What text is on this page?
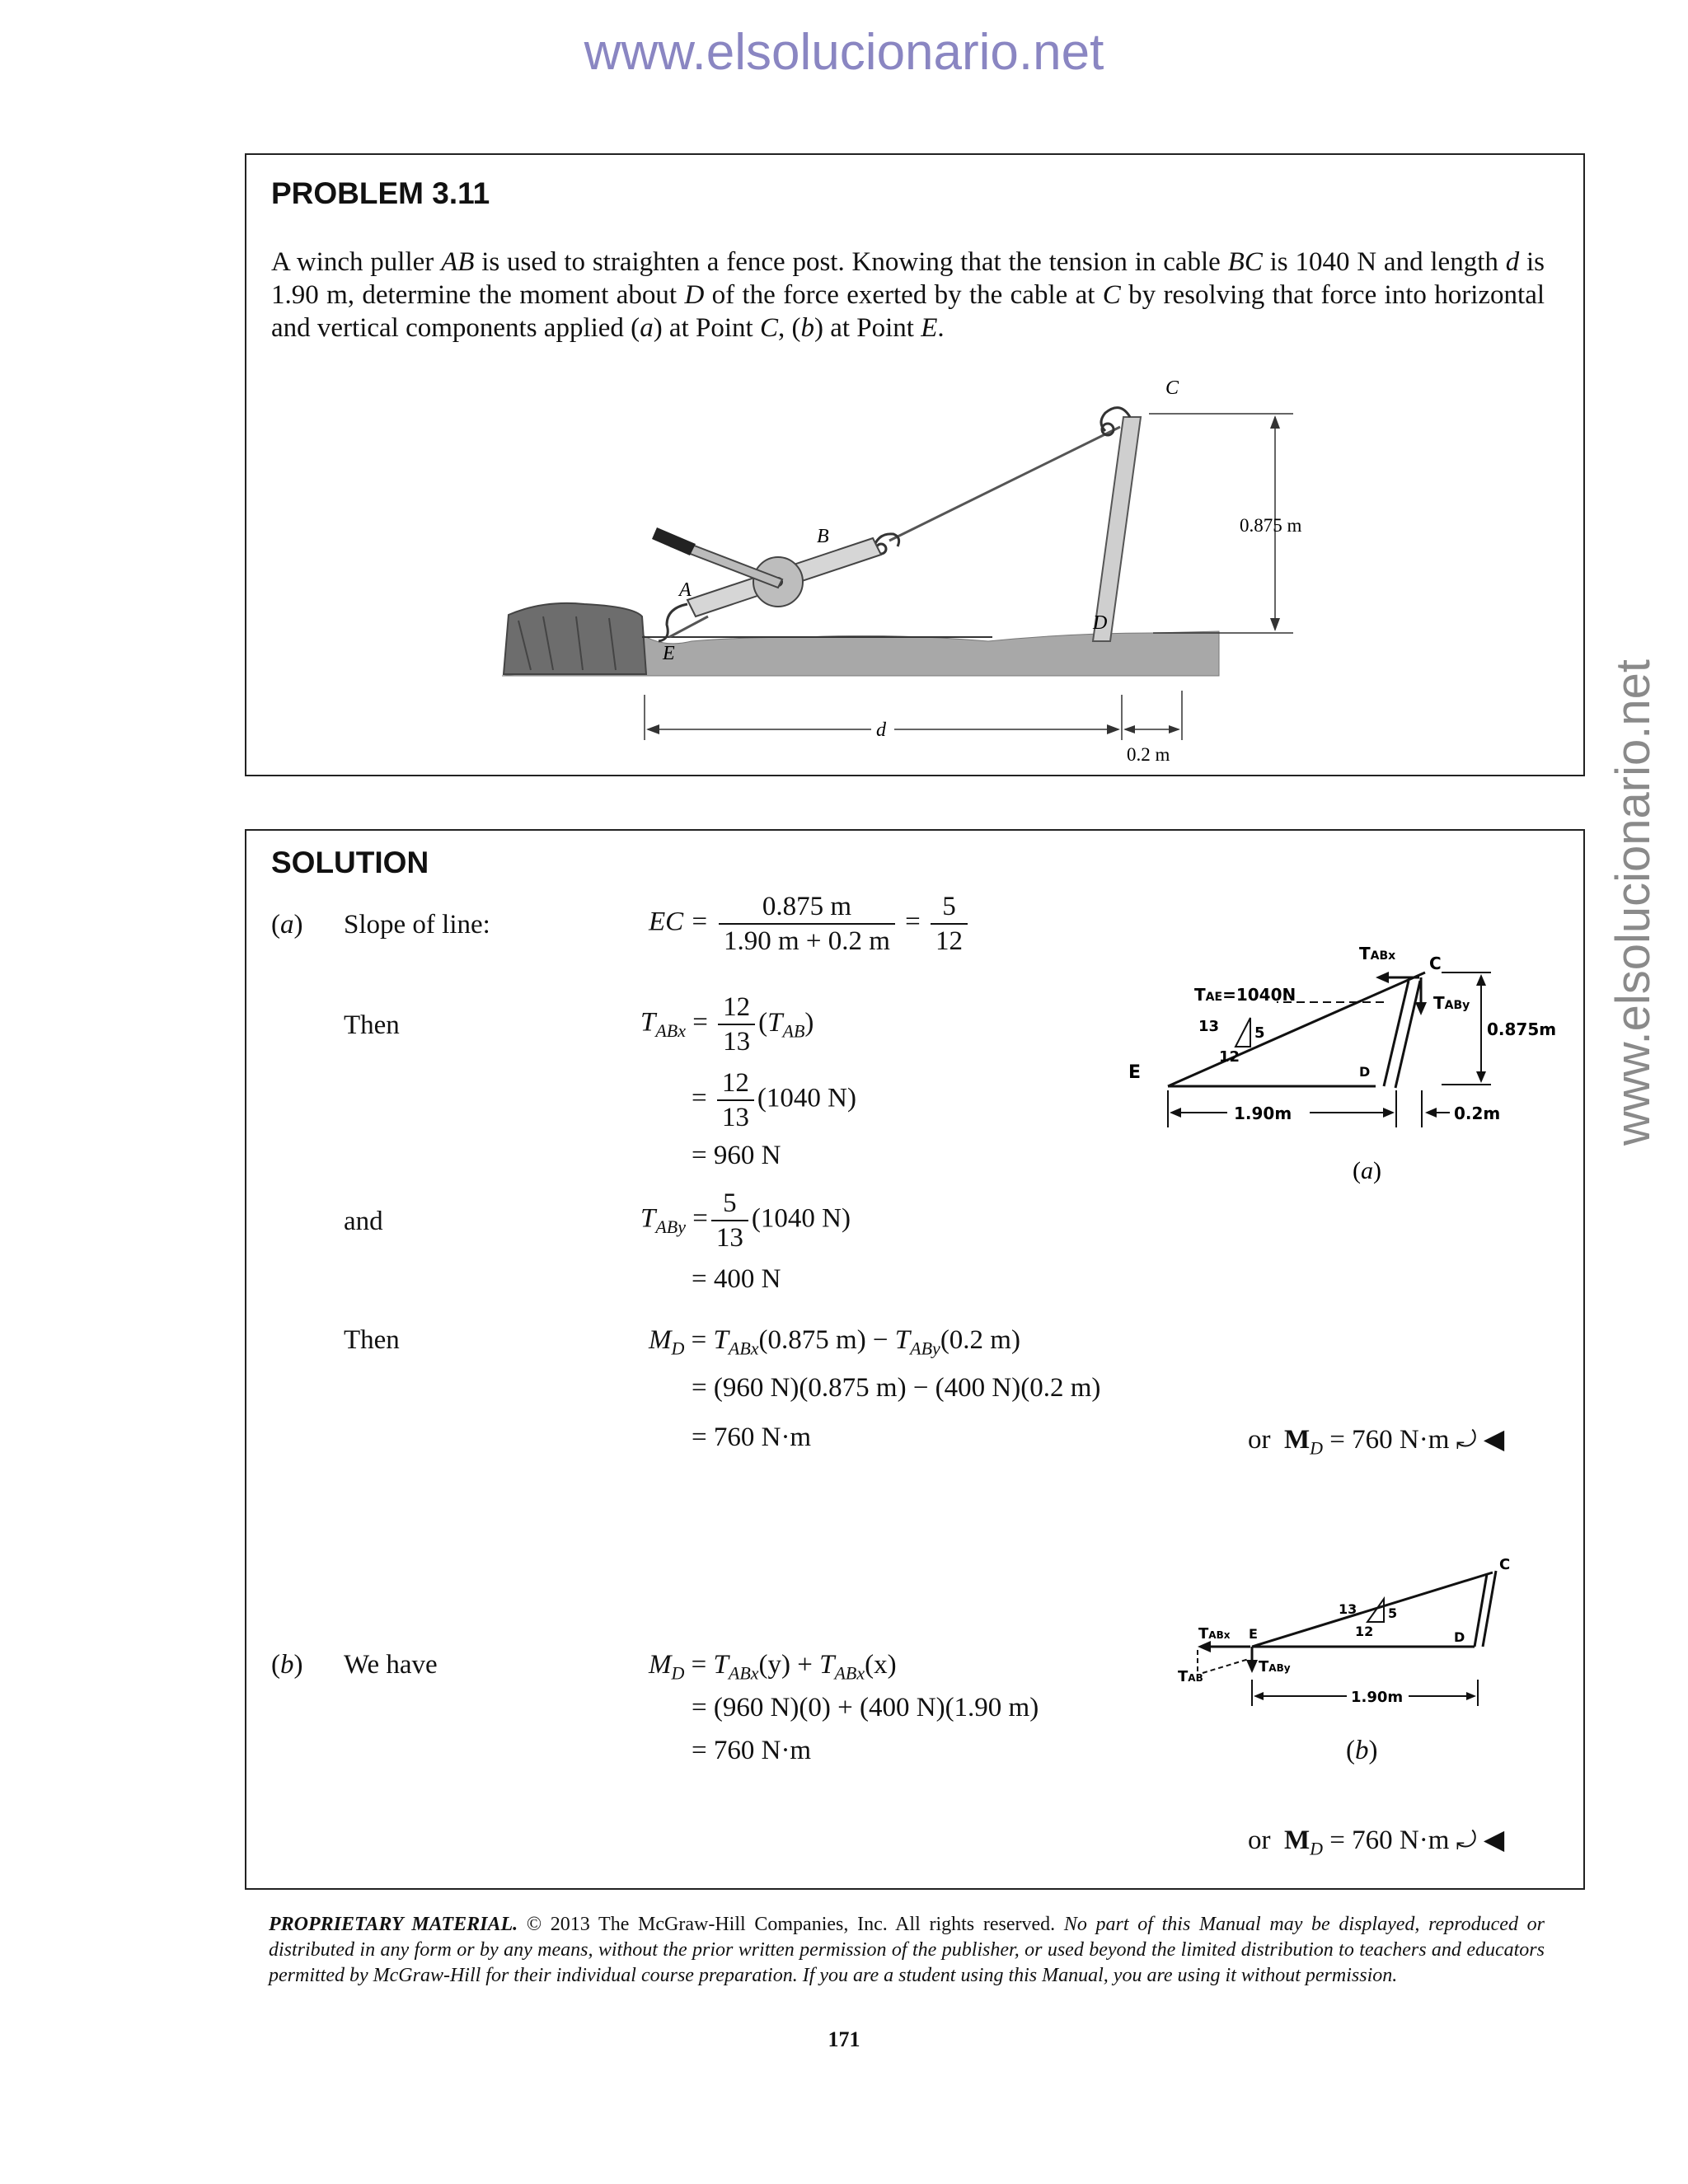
www.elsolucionario.net
www.elsolucionario.net
PROBLEM 3.11
A winch puller AB is used to straighten a fence post. Knowing that the tension in cable BC is 1040 N and length d is 1.90 m, determine the moment about D of the force exerted by the cable at C by resolving that force into horizontal and vertical components applied (a) at Point C, (b) at Point E.
C
B
A
D
E
0.875 m
d
0.2 m
SOLUTION
(a) Slope of line:	EC = $\frac{0.875 m}{1.90 m + 0.2 m} = \frac{5}{12}$
Then	$T_{ABx} = \frac{12}{13} (T_{AB})$
= $\frac{12}{13} (1040$ N)
= 960 N
and	$T_{ABy} = \frac{5}{13} (1040$ N)
= 400 N
Then	$M_D = T_{ABx}(0.875$ $m) - T_{ABy}(0.2$ m)
= (960 N)(0.875 m) − (400 N)(0.2 m)
= 760 N·m	or $M_D = 760$ N·m ⤾ ◀
13 5
12
TABx C
TAE=1040N	TABy
0.875m
E	D
1.90m	0.2m
(a)
13 5
12
C
D
E
TABx
TAB
TABy
1.90m
(b) We have	$M_D = T_{ABx}(y) + T_{ABx}(x)$
= (960 N)(0) + (400 N)(1.90 m)
= 760 N·m	(b)
or $M_D = 760$ N·m ⤾ ◀
PROPRIETARY MATERIAL. © 2013 The McGraw-Hill Companies, Inc. All rights reserved. No part of this Manual may be displayed, reproduced or distributed in any form or by any means, without the prior written permission of the publisher, or used beyond the limited distribution to teachers and educators permitted by McGraw-Hill for their individual course preparation. If you are a student using this Manual, you are using it without permission.
171
